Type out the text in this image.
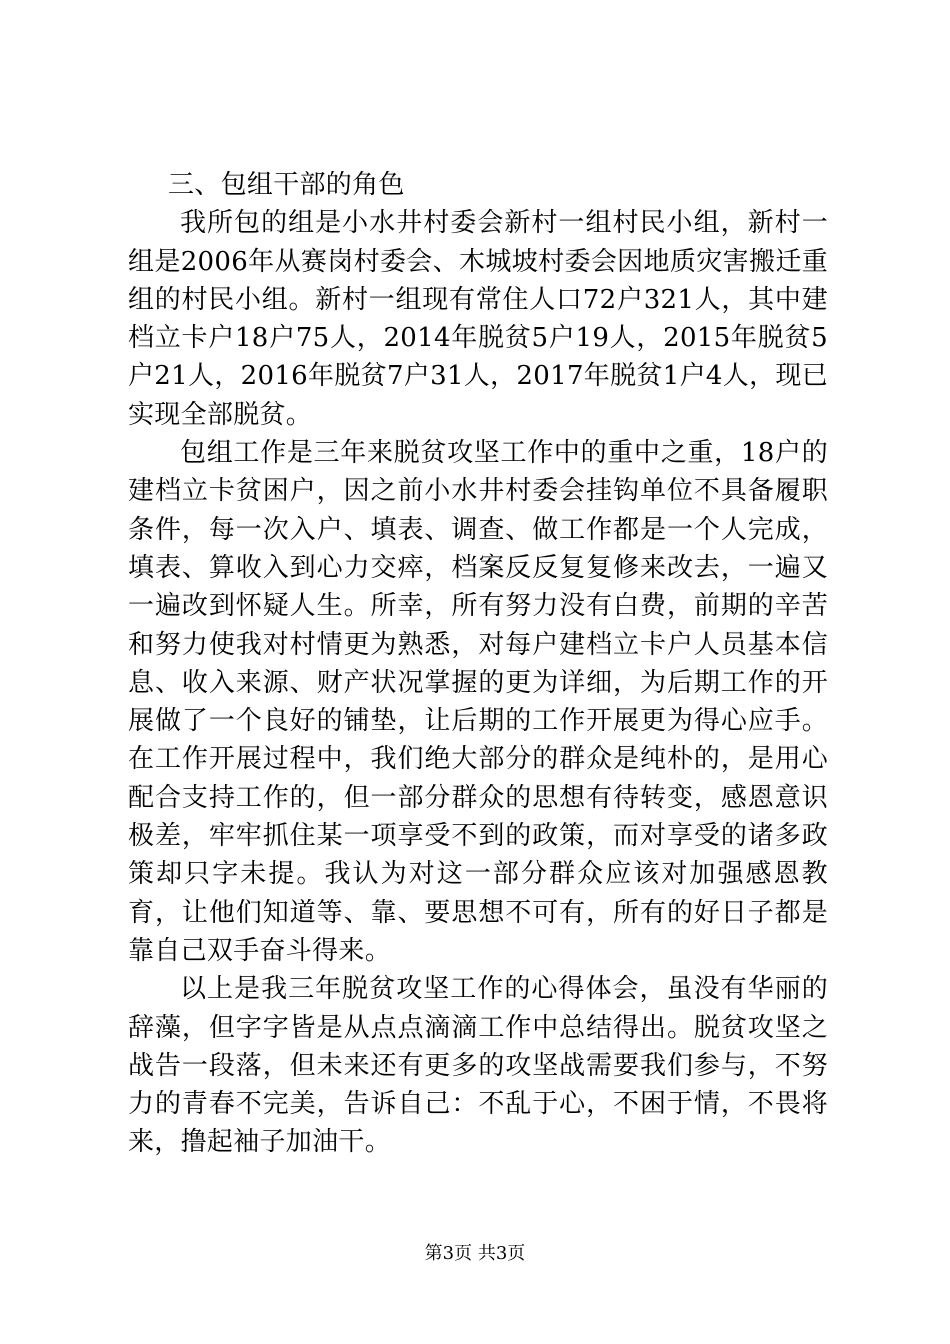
三、包组干部的角色

我所包的组是小水井村委会新村一组村民小组，新村一组是2006年从赛岗村委会、木城坡村委会因地质灾害搬迁重组的村民小组。新村一组现有常住人口72户321人，其中建档立卡户18户75人，2014年脱贫5户19人，2015年脱贫5户21人，2016年脱贫7户31人，2017年脱贫1户4人，现已实现全部脱贫。

包组工作是三年来脱贫攻坚工作中的重中之重，18户的建档立卡贫困户，因之前小水井村委会挂钩单位不具备履职条件，每一次入户、填表、调查、做工作都是一个人完成，填表、算收入到心力交瘁，档案反反复复修来改去，一遍又一遍改到怀疑人生。所幸，所有努力没有白费，前期的辛苦和努力使我对村情更为熟悉，对每户建档立卡户人员基本信息、收入来源、财产状况掌握的更为详细，为后期工作的开展做了一个良好的铺垫，让后期的工作开展更为得心应手。在工作开展过程中，我们绝大部分的群众是纯朴的，是用心配合支持工作的，但一部分群众的思想有待转变，感恩意识极差，牢牢抓住某一项享受不到的政策，而对享受的诸多政策却只字未提。我认为对这一部分群众应该对加强感恩教育，让他们知道等、靠、要思想不可有，所有的好日子都是靠自己双手奋斗得来。

以上是我三年脱贫攻坚工作的心得体会，虽没有华丽的辞藻，但字字皆是从点点滴滴工作中总结得出。脱贫攻坚之战告一段落，但未来还有更多的攻坚战需要我们参与，不努力的青春不完美，告诉自己：不乱于心，不困于情，不畏将来，撸起袖子加油干。

第3页 共3页
